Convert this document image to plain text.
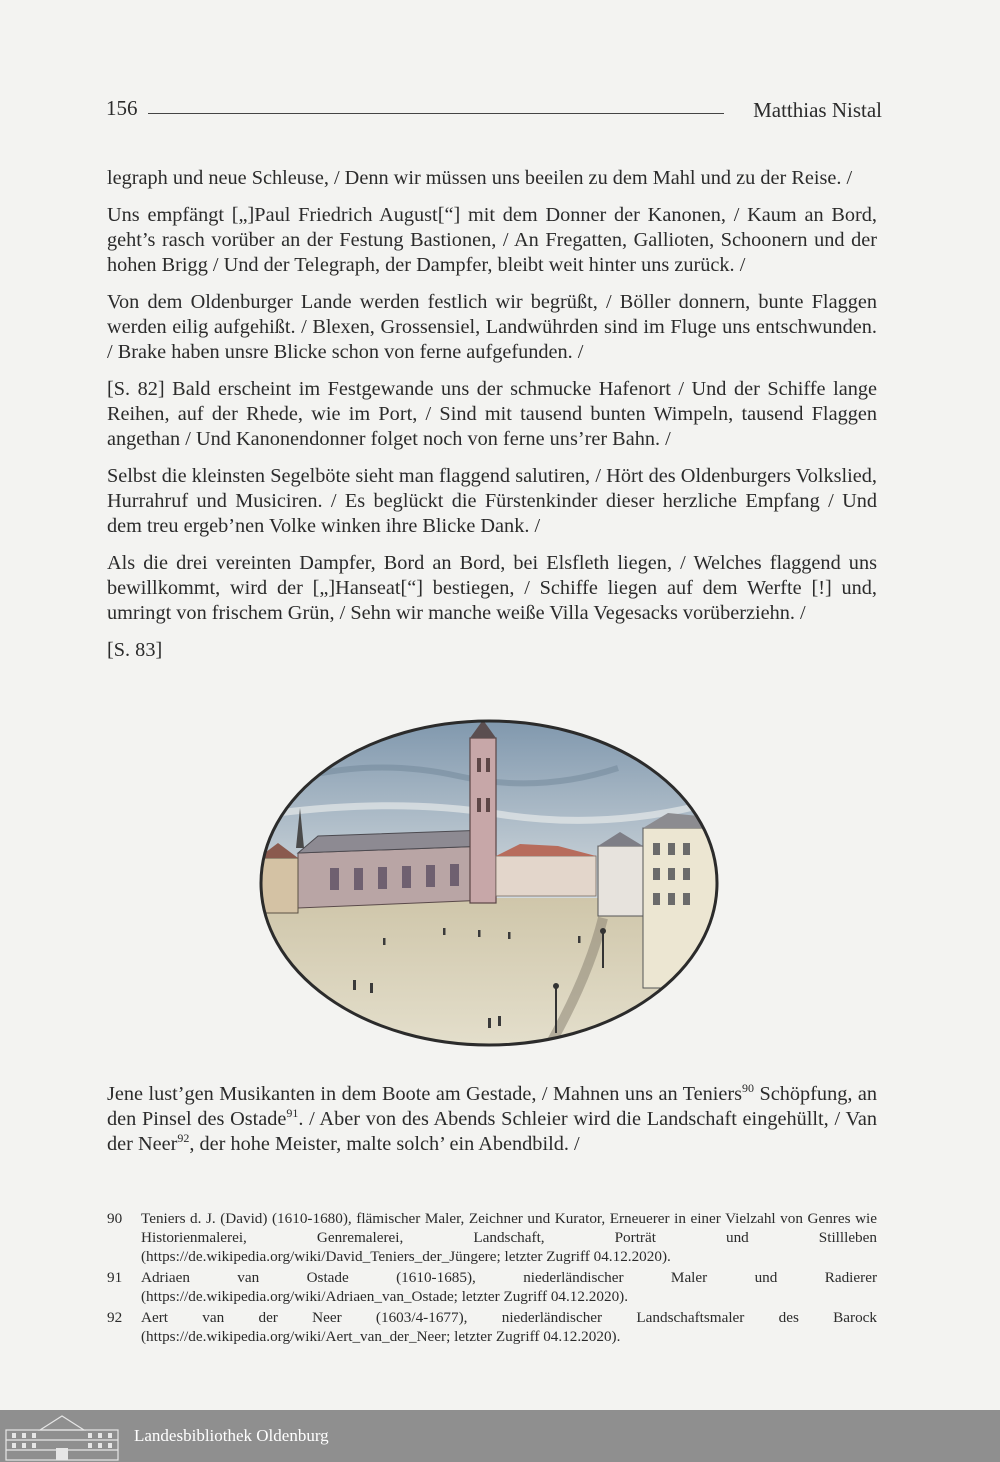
156	Matthias Nistal

legraph und neue Schleuse, / Denn wir müssen uns beeilen zu dem Mahl und zu der Reise. /

Uns empfängt [„]Paul Friedrich August[“] mit dem Donner der Kanonen, / Kaum an Bord, geht’s rasch vorüber an der Festung Bastionen, / An Fregatten, Gallioten, Schoonern und der hohen Brigg / Und der Telegraph, der Dampfer, bleibt weit hinter uns zurück. /

Von dem Oldenburger Lande werden festlich wir begrüßt, / Böller donnern, bunte Flaggen werden eilig aufgehißt. / Blexen, Grossensiel, Landwührden sind im Fluge uns entschwunden. / Brake haben unsre Blicke schon von ferne aufgefunden. /

[S. 82] Bald erscheint im Festgewande uns der schmucke Hafenort / Und der Schiffe lange Reihen, auf der Rhede, wie im Port, / Sind mit tausend bunten Wimpeln, tausend Flaggen angethan / Und Kanonendonner folget noch von ferne uns’rer Bahn. /

Selbst die kleinsten Segelböte sieht man flaggend salutiren, / Hört des Oldenburgers Volkslied, Hurrahruf und Musiciren. / Es beglückt die Fürstenkinder dieser herzliche Empfang / Und dem treu ergeb’nen Volke winken ihre Blicke Dank. /

Als die drei vereinten Dampfer, Bord an Bord, bei Elsfleth liegen, / Welches flaggend uns bewillkommt, wird der [„]Hanseat[“] bestiegen, / Schiffe liegen auf dem Werfte [!] und, umringt von frischem Grün, / Sehn wir manche weiße Villa Vegesacks vorüberziehn. /

[S. 83]

Jene lust’gen Musikanten in dem Boote am Gestade, / Mahnen uns an Teniers$^{90}$ Schöpfung, an den Pinsel des Ostade$^{91}$. / Aber von des Abends Schleier wird die Landschaft eingehüllt, / Van der Neer$^{92}$, der hohe Meister, malte solch’ ein Abendbild. /

90	Teniers d. J. (David) (1610-1680), flämischer Maler, Zeichner und Kurator, Erneuerer in einer Vielzahl von Genres wie Historienmalerei, Genremalerei, Landschaft, Porträt und Stillleben (https://de.wikipedia.org/wiki/David_Teniers_der_Jüngere; letzter Zugriff 04.12.2020).
91	Adriaen van Ostade (1610-1685), niederländischer Maler und Radierer (https://de.wikipedia.org/wiki/Adriaen_van_Ostade; letzter Zugriff 04.12.2020).
92	Aert van der Neer (1603/4-1677), niederländischer Landschaftsmaler des Barock (https://de.wikipedia.org/wiki/Aert_van_der_Neer; letzter Zugriff 04.12.2020).
Landesbibliothek Oldenburg
